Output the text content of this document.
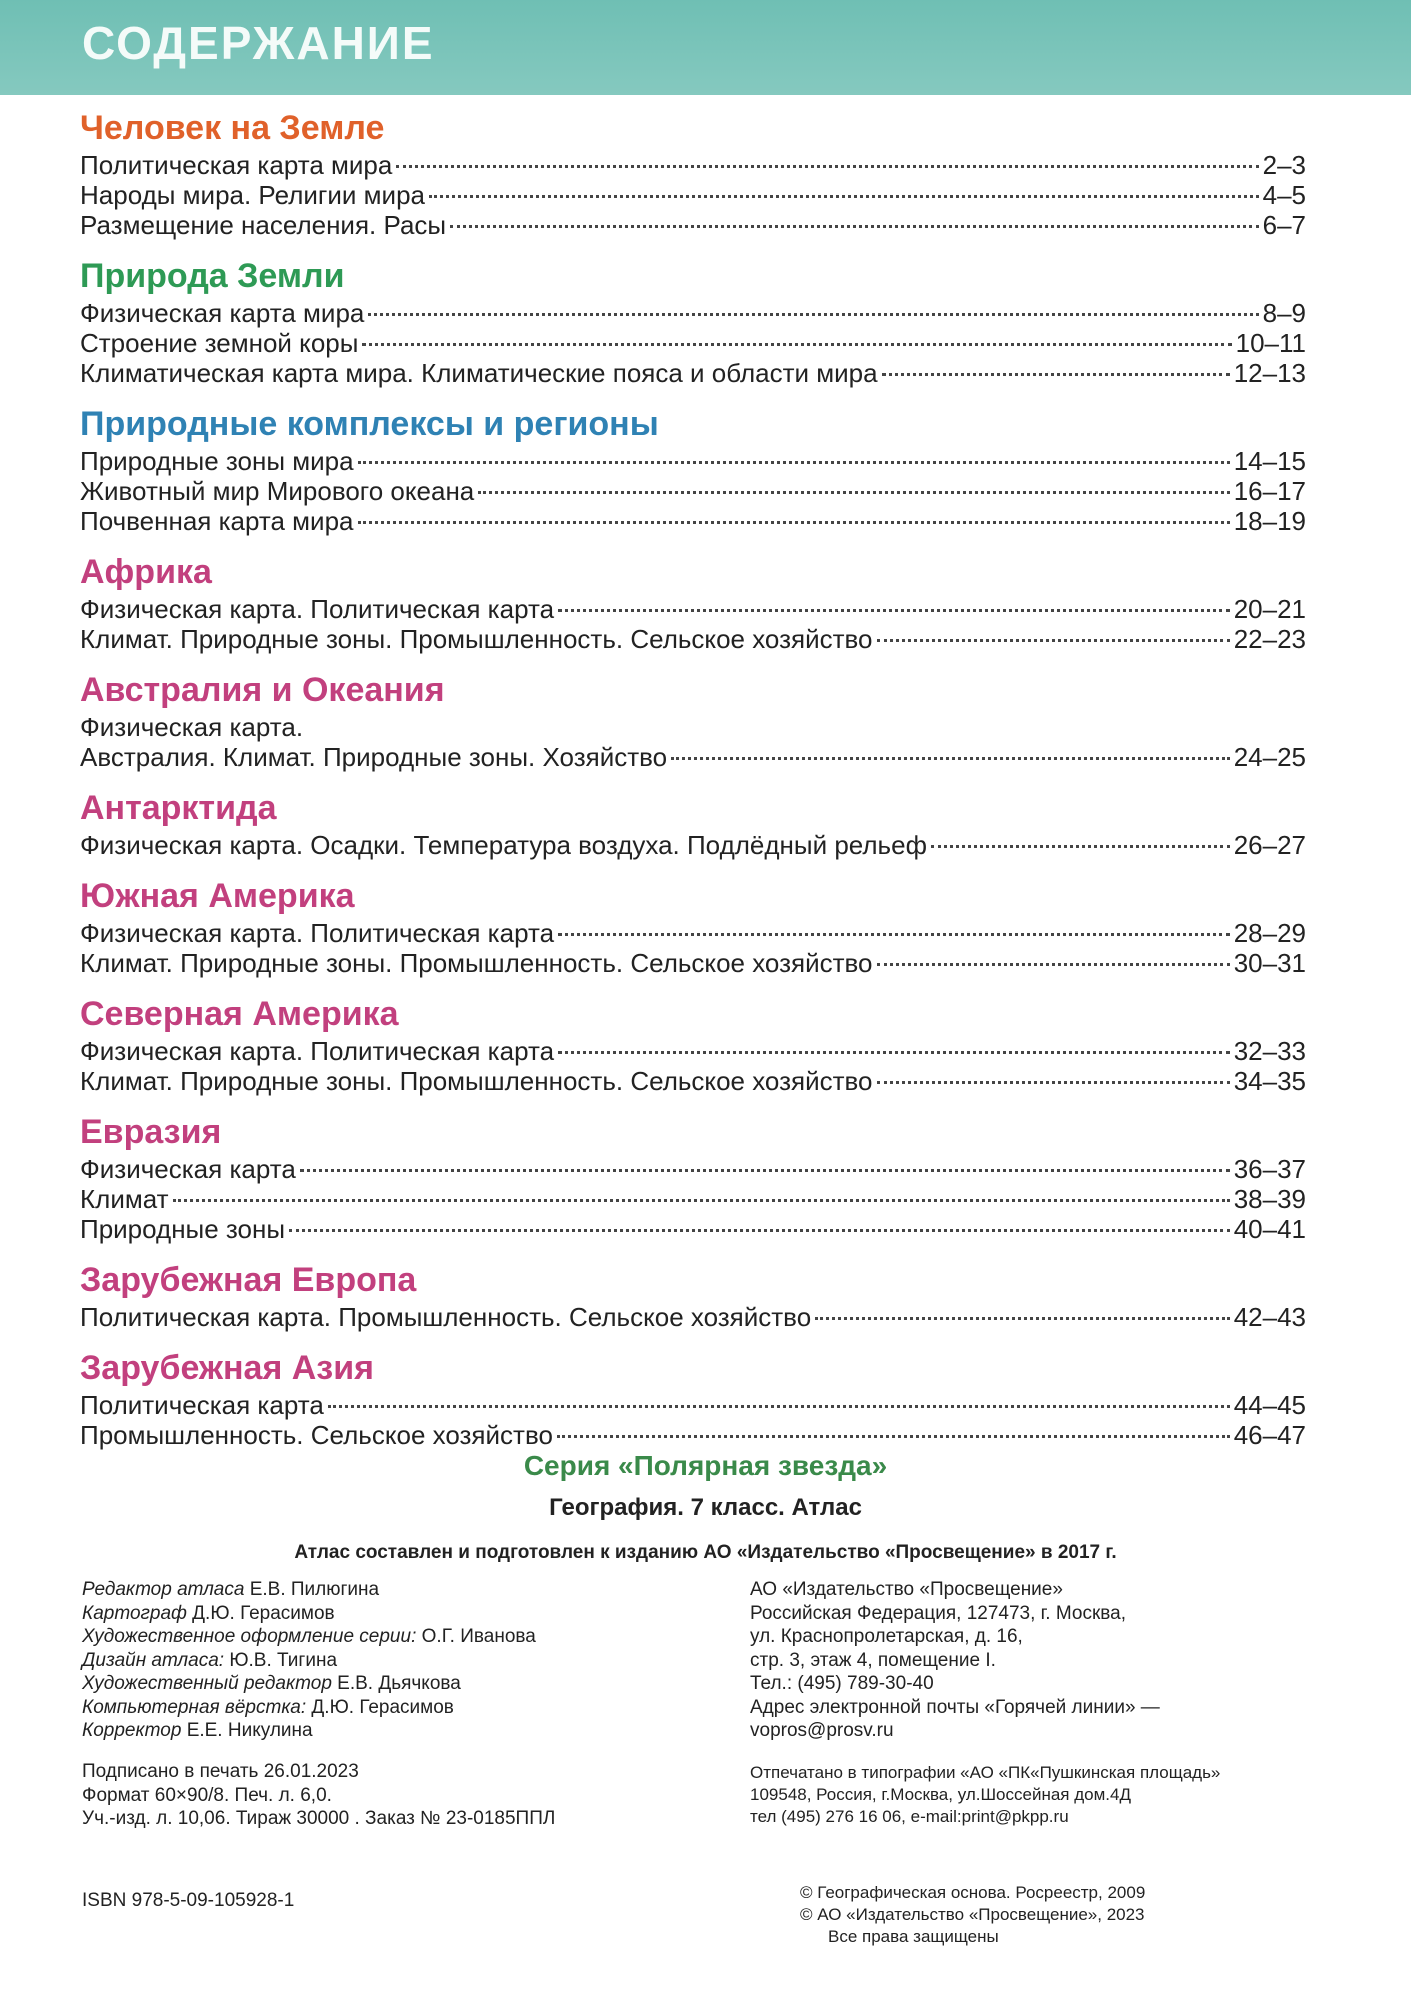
СОДЕРЖАНИЕ
Человек на Земле
Политическая карта мира	2–3
Народы мира. Религии мира	4–5
Размещение населения. Расы	6–7
Природа Земли
Физическая карта мира	8–9
Строение земной коры	10–11
Климатическая карта мира. Климатические пояса и области мира	12–13
Природные комплексы и регионы
Природные зоны мира	14–15
Животный мир Мирового океана	16–17
Почвенная карта мира	18–19
Африка
Физическая карта. Политическая карта	20–21
Климат. Природные зоны. Промышленность. Сельское хозяйство	22–23
Австралия и Океания
Физическая карта.
Австралия. Климат. Природные зоны. Хозяйство	24–25
Антарктида
Физическая карта. Осадки. Температура воздуха. Подлёдный рельеф	26–27
Южная Америка
Физическая карта. Политическая карта	28–29
Климат. Природные зоны. Промышленность. Сельское хозяйство	30–31
Северная Америка
Физическая карта. Политическая карта	32–33
Климат. Природные зоны. Промышленность. Сельское хозяйство	34–35
Евразия
Физическая карта	36–37
Климат	38–39
Природные зоны	40–41
Зарубежная Европа
Политическая карта. Промышленность. Сельское хозяйство	42–43
Зарубежная Азия
Политическая карта	44–45
Промышленность. Сельское хозяйство	46–47
Серия «Полярная звезда»
География. 7 класс. Атлас
Атлас составлен и подготовлен к изданию АО «Издательство «Просвещение» в 2017 г.
Редактор атласа Е.В. Пилюгина
Картограф Д.Ю. Герасимов
Художественное оформление серии: О.Г. Иванова
Дизайн атласа: Ю.В. Тигина
Художественный редактор Е.В. Дьячкова
Компьютерная вёрстка: Д.Ю. Герасимов
Корректор Е.Е. Никулина
АО «Издательство «Просвещение»
Российская Федерация, 127473, г. Москва,
ул. Краснопролетарская, д. 16,
стр. 3, этаж 4, помещение I.
Тел.: (495) 789-30-40
Адрес электронной почты «Горячей линии» —
vopros@prosv.ru
Подписано в печать 26.01.2023
Формат 60×90/8. Печ. л. 6,0.
Уч.-изд. л. 10,06. Тираж 30000 . Заказ № 23-0185ППЛ
Отпечатано в типографии «АО «ПК«Пушкинская площадь»
109548, Россия, г.Москва, ул.Шоссейная дом.4Д
тел (495) 276 16 06, e-mail:print@pkpp.ru
ISBN 978-5-09-105928-1	© Географическая основа. Росреестр, 2009
© АО «Издательство «Просвещение», 2023
Все права защищены
